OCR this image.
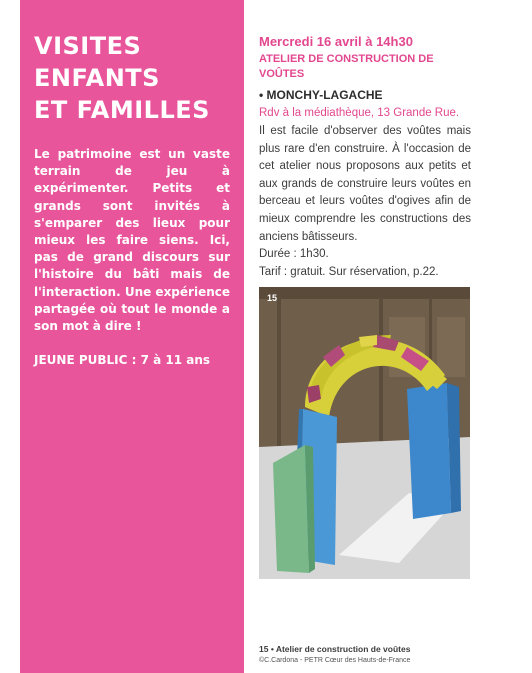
VISITES
ENFANTS
ET FAMILLES

Le patrimoine est un vaste terrain de jeu à expérimenter. Petits et grands sont invités à s'emparer des lieux pour mieux les faire siens. Ici, pas de grand discours sur l'histoire du bâti mais de l'interaction. Une expérience partagée où tout le monde a son mot à dire !

JEUNE PUBLIC : 7 à 11 ans

Mercredi 16 avril à 14h30
ATELIER DE CONSTRUCTION DE
VOÛTES
• MONCHY-LAGACHE
Rdv à la médiathèque, 13 Grande Rue.

Il est facile d'observer des voûtes mais plus rare d'en construire. À l'occasion de cet atelier nous proposons aux petits et aux grands de construire leurs voûtes en berceau et leurs voûtes d'ogives afin de mieux comprendre les constructions des anciens bâtisseurs.

Durée : 1h30.
Tarif : gratuit. Sur réservation, p.22.
15
15 • Atelier de construction de voûtes
©C.Cardona - PETR Cœur des Hauts-de-France
